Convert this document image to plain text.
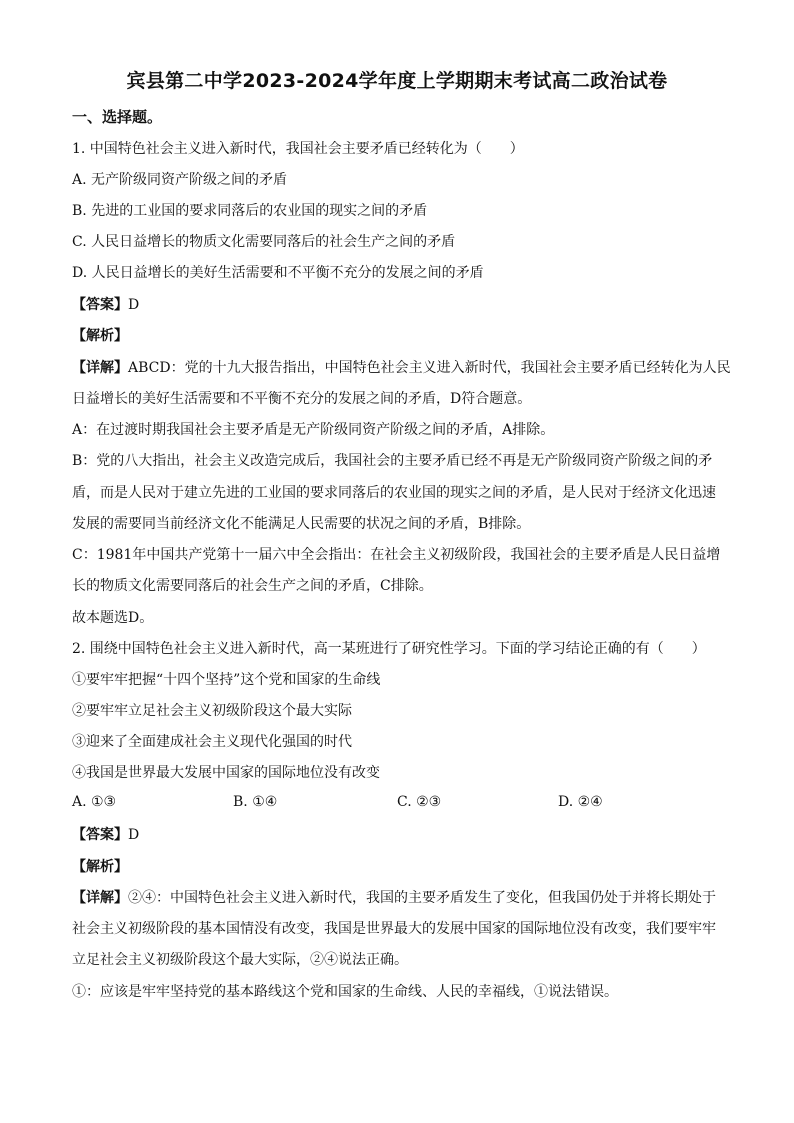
宾县第二中学2023-2024学年度上学期期末考试高二政治试卷
一、选择题。
1. 中国特色社会主义进入新时代，我国社会主要矛盾已经转化为（　　）
A. 无产阶级同资产阶级之间的矛盾
B. 先进的工业国的要求同落后的农业国的现实之间的矛盾
C. 人民日益增长的物质文化需要同落后的社会生产之间的矛盾
D. 人民日益增长的美好生活需要和不平衡不充分的发展之间的矛盾
【答案】D
【解析】
【详解】ABCD：党的十九大报告指出，中国特色社会主义进入新时代，我国社会主要矛盾已经转化为人民
日益增长的美好生活需要和不平衡不充分的发展之间的矛盾，D符合题意。
A：在过渡时期我国社会主要矛盾是无产阶级同资产阶级之间的矛盾，A排除。
B：党的八大指出，社会主义改造完成后，我国社会的主要矛盾已经不再是无产阶级同资产阶级之间的矛
盾，而是人民对于建立先进的工业国的要求同落后的农业国的现实之间的矛盾，是人民对于经济文化迅速
发展的需要同当前经济文化不能满足人民需要的状况之间的矛盾，B排除。
C：1981年中国共产党第十一届六中全会指出：在社会主义初级阶段，我国社会的主要矛盾是人民日益增
长的物质文化需要同落后的社会生产之间的矛盾，C排除。
故本题选D。
2. 围绕中国特色社会主义进入新时代，高一某班进行了研究性学习。下面的学习结论正确的有（　　）
①要牢牢把握“十四个坚持”这个党和国家的生命线
②要牢牢立足社会主义初级阶段这个最大实际
③迎来了全面建成社会主义现代化强国的时代
④我国是世界最大发展中国家的国际地位没有改变
A. ①③	B. ①④	C. ②③	D. ②④
【答案】D
【解析】
【详解】②④：中国特色社会主义进入新时代，我国的主要矛盾发生了变化，但我国仍处于并将长期处于
社会主义初级阶段的基本国情没有改变，我国是世界最大的发展中国家的国际地位没有改变，我们要牢牢
立足社会主义初级阶段这个最大实际，②④说法正确。
①：应该是牢牢坚持党的基本路线这个党和国家的生命线、人民的幸福线，①说法错误。
